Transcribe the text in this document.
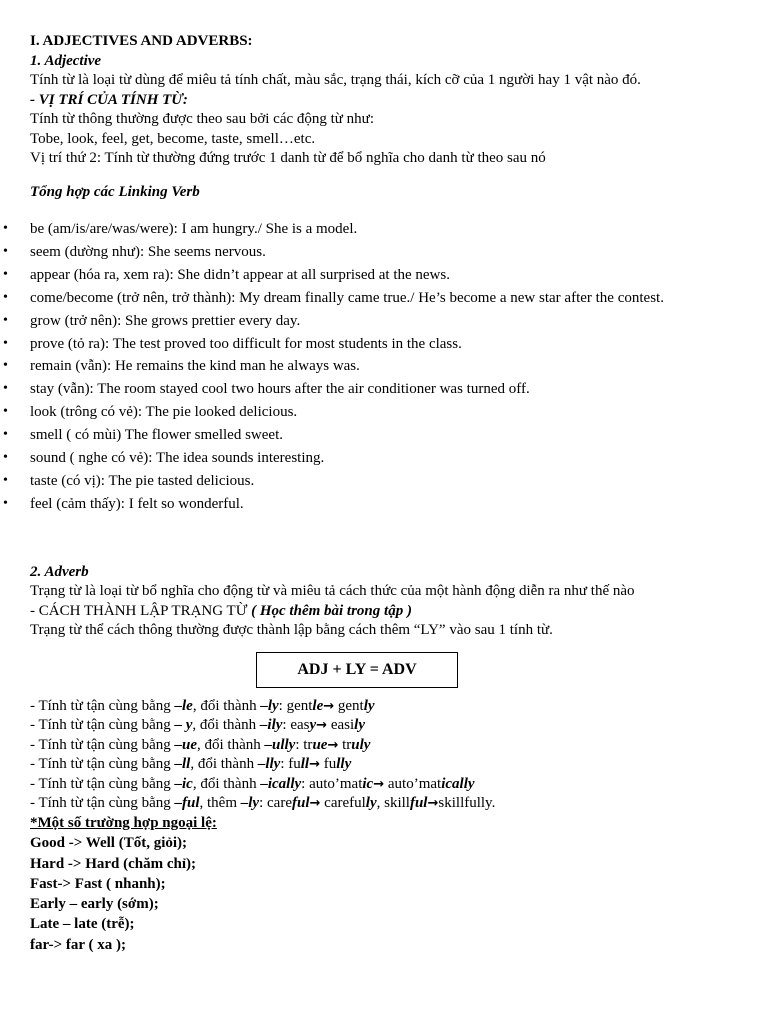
I. ADJECTIVES AND ADVERBS:
1. Adjective
Tính từ là loại từ dùng để miêu tả tính chất, màu sắc, trạng thái, kích cỡ của 1 người hay 1 vật nào đó.
- VỊ TRÍ CỦA TÍNH TỪ:
Tính từ thông thường được theo sau bởi các động từ như:
Tobe, look, feel, get, become, taste, smell…etc.
Vị trí thứ 2: Tính từ thường đứng trước 1 danh từ để bổ nghĩa cho danh từ theo sau nó
Tổng hợp các Linking Verb
• be (am/is/are/was/were): I am hungry./ She is a model.
• seem (dường như): She seems nervous.
• appear (hóa ra, xem ra): She didn’t appear at all surprised at the news.
• come/become (trở nên, trở thành): My dream finally came true./ He’s become a new star after the contest.
• grow (trở nên): She grows prettier every day.
• prove (tỏ ra): The test proved too difficult for most students in the class.
• remain (vẫn): He remains the kind man he always was.
• stay (vẫn): The room stayed cool two hours after the air conditioner was turned off.
• look (trông có vẻ): The pie looked delicious.
• smell ( có mùi) The flower smelled sweet.
• sound ( nghe có vẻ): The idea sounds interesting.
• taste (có vị): The pie tasted delicious.
• feel (cảm thấy): I felt so wonderful.
2. Adverb
Trạng từ là loại từ bổ nghĩa cho động từ và miêu tả cách thức của một hành động diễn ra như thế nào
- CÁCH THÀNH LẬP TRẠNG TỪ ( Học thêm bài trong tập )
Trạng từ thể cách thông thường được thành lập bằng cách thêm “LY” vào sau 1 tính từ.
ADJ + LY = ADV
- Tính từ tận cùng bằng –le, đổi thành –ly: gentle→ gently
- Tính từ tận cùng bằng – y, đổi thành –ily: easy→ easily
- Tính từ tận cùng bằng –ue, đổi thành –ully: true→ truly
- Tính từ tận cùng bằng –ll, đổi thành –lly: full→ fully
- Tính từ tận cùng bằng –ic, đổi thành –ically: auto’matic→ auto’matically
- Tính từ tận cùng bằng –ful, thêm –ly: careful→ carefully, skillful→skillfully.
*Một số trường hợp ngoại lệ:
Good -> Well (Tốt, giỏi);
Hard -> Hard (chăm chỉ);
Fast-> Fast ( nhanh);
Early – early (sớm);
Late – late (trễ);
far-> far ( xa );
